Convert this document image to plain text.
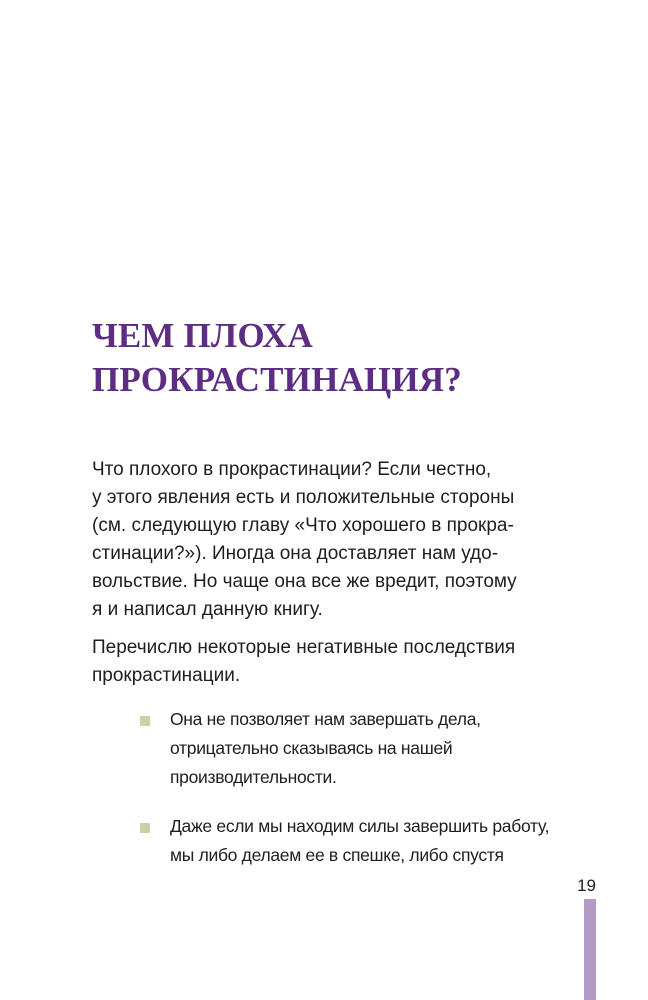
ЧЕМ ПЛОХА
ПРОКРАСТИНАЦИЯ?
Что плохого в прокрастинации? Если честно,
у этого явления есть и положительные стороны
(см. следующую главу «Что хорошего в прокра-
стинации?»). Иногда она доставляет нам удо-
вольствие. Но чаще она все же вредит, поэтому
я и написал данную книгу.
Перечислю некоторые негативные последствия
прокрастинации.
Она не позволяет нам завершать дела,
отрицательно сказываясь на нашей
производительности.
Даже если мы находим силы завершить работу,
мы либо делаем ее в спешке, либо спустя
19
